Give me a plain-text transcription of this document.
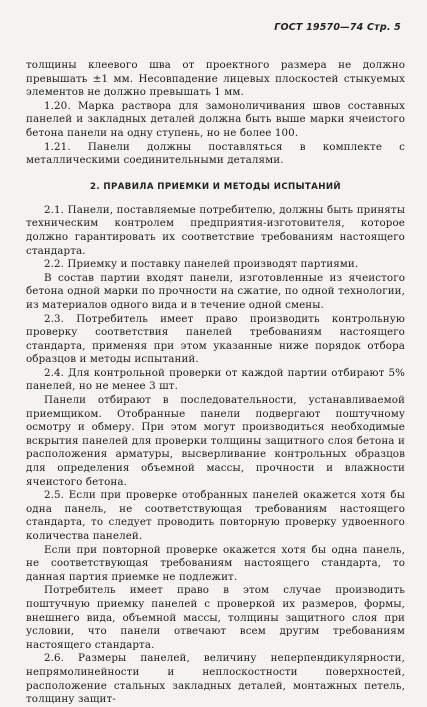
ГОСТ 19570—74 Стр. 5

толщины клеевого шва от проектного размера не должно превышать ±1 мм. Несовпадение лицевых плоскостей стыкуемых элементов не должно превышать 1 мм.

1.20. Марка раствора для замоноличивания швов составных панелей и закладных деталей должна быть выше марки ячеистого бетона панели на одну ступень, но не более 100.

1.21. Панели должны поставляться в комплекте с металлическими соединительными деталями.

2. ПРАВИЛА ПРИЕМКИ И МЕТОДЫ ИСПЫТАНИЙ

2.1. Панели, поставляемые потребителю, должны быть приняты техническим контролем предприятия-изготовителя, которое должно гарантировать их соответствие требованиям настоящего стандарта.

2.2. Приемку и поставку панелей производят партиями.

В состав партии входят панели, изготовленные из ячеистого бетона одной марки по прочности на сжатие, по одной технологии, из материалов одного вида и в течение одной смены.

2.3. Потребитель имеет право производить контрольную проверку соответствия панелей требованиям настоящего стандарта, применяя при этом указанные ниже порядок отбора образцов и методы испытаний.

2.4. Для контрольной проверки от каждой партии отбирают 5% панелей, но не менее 3 шт.

Панели отбирают в последовательности, устанавливаемой приемщиком. Отобранные панели подвергают поштучному осмотру и обмеру. При этом могут производиться необходимые вскрытия панелей для проверки толщины защитного слоя бетона и расположения арматуры, высверливание контрольных образцов для определения объемной массы, прочности и влажности ячеистого бетона.

2.5. Если при проверке отобранных панелей окажется хотя бы одна панель, не соответствующая требованиям настоящего стандарта, то следует проводить повторную проверку удвоенного количества панелей.

Если при повторной проверке окажется хотя бы одна панель, не соответствующая требованиям настоящего стандарта, то данная партия приемке не подлежит.

Потребитель имеет право в этом случае производить поштучную приемку панелей с проверкой их размеров, формы, внешнего вида, объемной массы, толщины защитного слоя при условии, что панели отвечают всем другим требованиям настоящего стандарта.

2.6. Размеры панелей, величину неперпендикулярности, непрямолинейности и неплоскостности поверхностей, расположение стальных закладных деталей, монтажных петель, толщину защит-
